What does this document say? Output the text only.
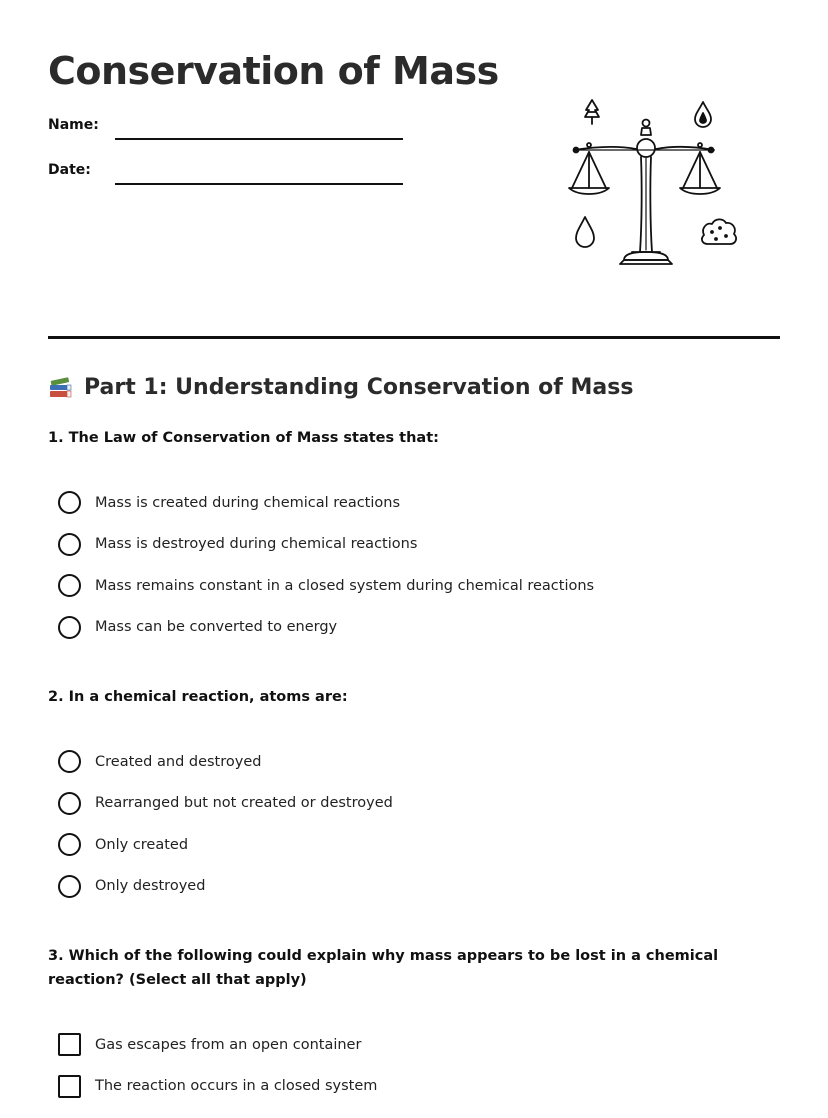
Conservation of Mass
Name:
Date:
Part 1: Understanding Conservation of Mass

1. The Law of Conservation of Mass states that:

Mass is created during chemical reactions
Mass is destroyed during chemical reactions
Mass remains constant in a closed system during chemical reactions
Mass can be converted to energy

2. In a chemical reaction, atoms are:

Created and destroyed
Rearranged but not created or destroyed
Only created
Only destroyed

3. Which of the following could explain why mass appears to be lost in a chemical reaction? (Select all that apply)

Gas escapes from an open container
The reaction occurs in a closed system
